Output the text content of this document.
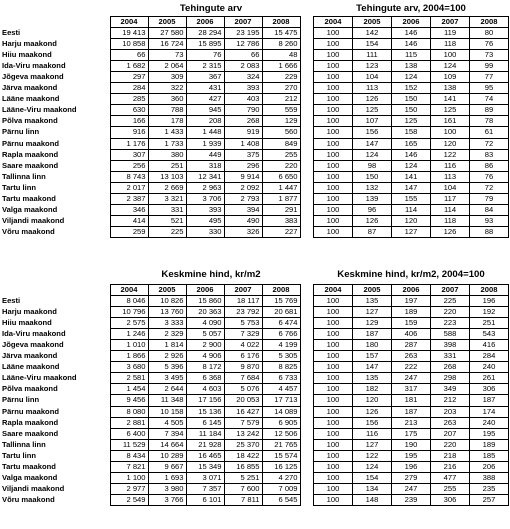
Tehingute arv
	2004	2005	2006	2007	2008
Eesti	19 413	27 580	28 294	23 195	15 475
Harju maakond	10 858	16 724	15 895	12 786	8 260
Hiiu maakond	66	73	76	66	48
Ida-Viru maakond	1 682	2 064	2 315	2 083	1 666
Jõgeva maakond	297	309	367	324	229
Järva maakond	284	322	431	393	270
Lääne maakond	285	360	427	403	212
Lääne-Viru maakond	630	788	945	790	559
Põlva maakond	166	178	208	268	129
Pärnu linn	916	1 433	1 448	919	560
Pärnu maakond	1 176	1 733	1 939	1 408	849
Rapla maakond	307	380	449	375	255
Saare maakond	256	251	318	296	220
Tallinna linn	8 743	13 103	12 341	9 914	6 650
Tartu linn	2 017	2 669	2 963	2 092	1 447
Tartu maakond	2 387	3 321	3 706	2 793	1 877
Valga maakond	346	331	393	394	291
Viljandi maakond	414	521	495	490	383
Võru maakond	259	225	330	326	227
Tehingute arv, 2004=100
2004	2005	2006	2007	2008
100	142	146	119	80
100	154	146	118	76
100	111	115	100	73
100	123	138	124	99
100	104	124	109	77
100	113	152	138	95
100	126	150	141	74
100	125	150	125	89
100	107	125	161	78
100	156	158	100	61
100	147	165	120	72
100	124	146	122	83
100	98	124	116	86
100	150	141	113	76
100	132	147	104	72
100	139	155	117	79
100	96	114	114	84
100	126	120	118	93
100	87	127	126	88
Keskmine hind, kr/m2
	2004	2005	2006	2007	2008
Eesti	8 046	10 826	15 860	18 117	15 769
Harju maakond	10 796	13 760	20 363	23 792	20 681
Hiiu maakond	2 575	3 333	4 090	5 753	6 474
Ida-Viru maakond	1 246	2 329	5 057	7 329	6 766
Jõgeva maakond	1 010	1 814	2 900	4 022	4 199
Järva maakond	1 866	2 926	4 906	6 176	5 305
Lääne maakond	3 680	5 396	8 172	9 870	8 825
Lääne-Viru maakond	2 581	3 495	6 368	7 684	6 733
Põlva maakond	1 454	2 644	4 603	5 076	4 457
Pärnu linn	9 456	11 348	17 156	20 053	17 713
Pärnu maakond	8 080	10 158	15 136	16 427	14 089
Rapla maakond	2 881	4 505	6 145	7 579	6 905
Saare maakond	6 400	7 394	11 184	13 242	12 506
Tallinna linn	11 529	14 664	21 928	25 370	21 765
Tartu linn	8 434	10 289	16 465	18 422	15 574
Tartu maakond	7 821	9 667	15 349	16 855	16 125
Valga maakond	1 100	1 693	3 071	5 251	4 270
Viljandi maakond	2 977	3 980	7 357	7 600	7 009
Võru maakond	2 549	3 766	6 101	7 811	6 545
Keskmine hind, kr/m2, 2004=100
2004	2005	2006	2007	2008
100	135	197	225	196
100	127	189	220	192
100	129	159	223	251
100	187	406	588	543
100	180	287	398	416
100	157	263	331	284
100	147	222	268	240
100	135	247	298	261
100	182	317	349	306
100	120	181	212	187
100	126	187	203	174
100	156	213	263	240
100	116	175	207	195
100	127	190	220	189
100	122	195	218	185
100	124	196	216	206
100	154	279	477	388
100	134	247	255	235
100	148	239	306	257
